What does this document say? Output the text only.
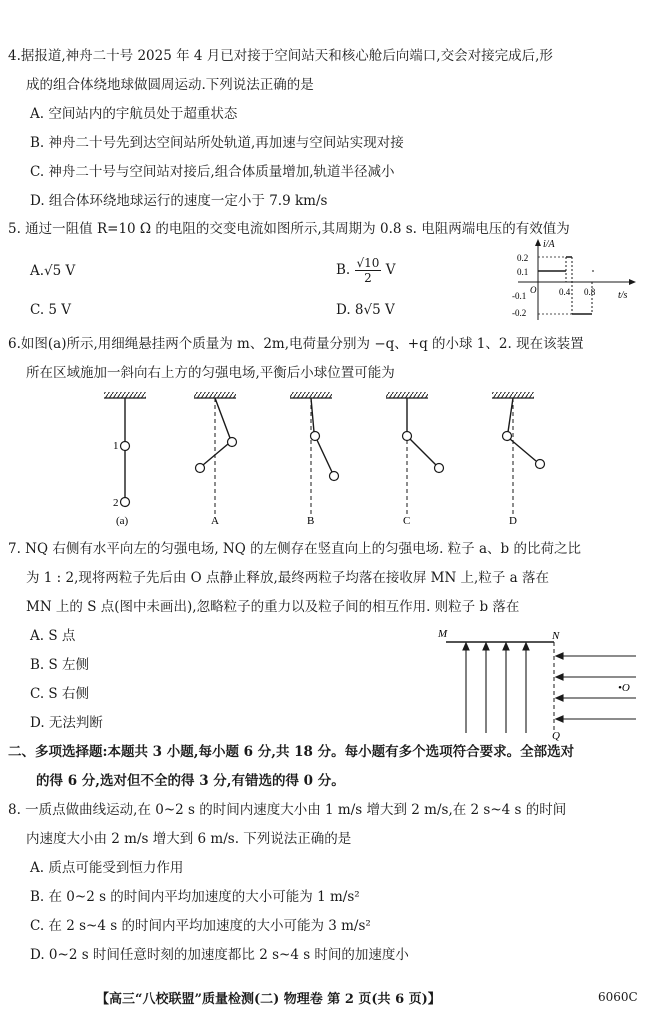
4.据报道,神舟二十号 2025 年 4 月已对接于空间站天和核心舱后向端口,交会对接完成后,形
成的组合体绕地球做圆周运动.下列说法正确的是
A. 空间站内的宇航员处于超重状态
B. 神舟二十号先到达空间站所处轨道,再加速与空间站实现对接
C. 神舟二十号与空间站对接后,组合体质量增加,轨道半径减小
D. 组合体环绕地球运行的速度一定小于 7.9 km/s
5. 通过一阻值 R=10 Ω 的电阻的交变电流如图所示,其周期为 0.8 s. 电阻两端电压的有效值为
A.√5 V	B. $\frac{√10}{2}$ V
C. 5 V	D. 8√5 V
i/A
t/s
O
0.2
0.1
-0.1
-0.2
0.4 0.8
6.如图(a)所示,用细绳悬挂两个质量为 m、2m,电荷量分别为 −q、+q 的小球 1、2. 现在该装置
所在区域施加一斜向右上方的匀强电场,平衡后小球位置可能为
1
2
(a)	A	B	C	D
7. NQ 右侧有水平向左的匀强电场, NQ 的左侧存在竖直向上的匀强电场. 粒子 a、b 的比荷之比
为 1 : 2,现将两粒子先后由 O 点静止释放,最终两粒子均落在接收屏 MN 上,粒子 a 落在
MN 上的 S 点(图中未画出),忽略粒子的重力以及粒子间的相互作用. 则粒子 b 落在
A. S 点
B. S 左侧
C. S 右侧
D. 无法判断
M	N
Q
•O
二、多项选择题:本题共 3 小题,每小题 6 分,共 18 分。每小题有多个选项符合要求。全部选对
的得 6 分,选对但不全的得 3 分,有错选的得 0 分。
8. 一质点做曲线运动,在 0~2 s 的时间内速度大小由 1 m/s 增大到 2 m/s,在 2 s~4 s 的时间
内速度大小由 2 m/s 增大到 6 m/s. 下列说法正确的是
A. 质点可能受到恒力作用
B. 在 0~2 s 的时间内平均加速度的大小可能为 1 m/s²
C. 在 2 s~4 s 的时间内平均加速度的大小可能为 3 m/s²
D. 0~2 s 时间任意时刻的加速度都比 2 s~4 s 时间的加速度小
【高三“八校联盟”质量检测(二) 物理卷 第 2 页(共 6 页)】	6060C
